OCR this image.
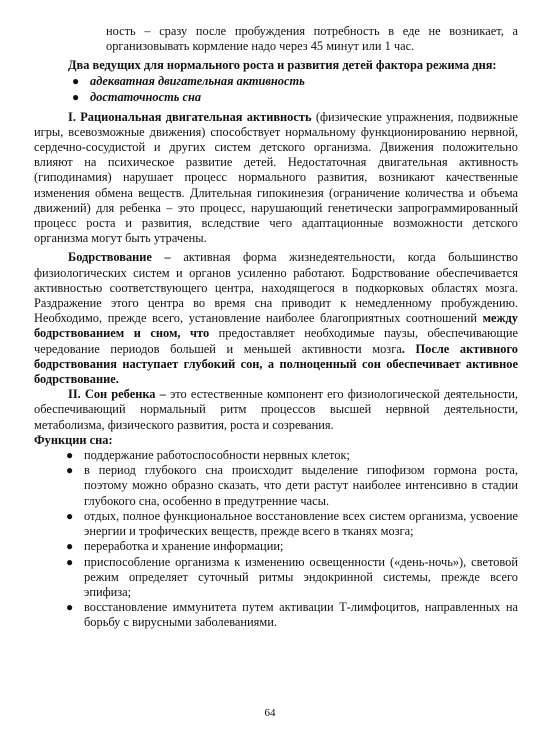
ность – сразу после пробуждения потребность в еде не возникает, а организовывать кормление надо через 45 минут или 1 час.

Два ведущих для нормального роста и развития детей фактора режима дня:

● адекватная двигательная активность
● достаточность сна

I. Рациональная двигательная активность (физические упражнения, подвижные игры, всевозможные движения) способствует нормальному функционированию нервной, сердечно-сосудистой и других систем детского организма. Движения положительно влияют на психическое развитие детей. Недостаточная двигательная активность (гиподинамия) нарушает процесс нормального развития, возникают качественные изменения обмена веществ. Длительная гипокинезия (ограничение количества и объема движений) для ребенка – это процесс, нарушающий генетически запрограммированный процесс роста и развития, вследствие чего адаптационные возможности детского организма могут быть утрачены.

Бодрствование – активная форма жизнедеятельности, когда большинство физиологических систем и органов усиленно работают. Бодрствование обеспечивается активностью соответствующего центра, находящегося в подкорковых областях мозга. Раздражение этого центра во время сна приводит к немедленному пробуждению. Необходимо, прежде всего, установление наиболее благоприятных соотношений между бодрствованием и сном, что предоставляет необходимые паузы, обеспечивающие чередование периодов большей и меньшей активности мозга. После активного бодрствования наступает глубокий сон, а полноценный сон обеспечивает активное бодрствование.

II. Сон ребенка – это естественные компонент его физиологической деятельности, обеспечивающий нормальный ритм процессов высшей нервной деятельности, метаболизма, физического развития, роста и созревания.

Функции сна:

● поддержание работоспособности нервных клеток;
● в период глубокого сна происходит выделение гипофизом гормона роста, поэтому можно образно сказать, что дети растут наиболее интенсивно в стадии глубокого сна, особенно в предутренние часы.
● отдых, полное функциональное восстановление всех систем организма, усвоение энергии и трофических веществ, прежде всего в тканях мозга;
● переработка и хранение информации;
● приспособление организма к изменению освещенности («день-ночь»), световой режим определяет суточный ритмы эндокринной системы, прежде всего эпифиза;
● восстановление иммунитета путем активации Т-лимфоцитов, направленных на борьбу с вирусными заболеваниями.
64
